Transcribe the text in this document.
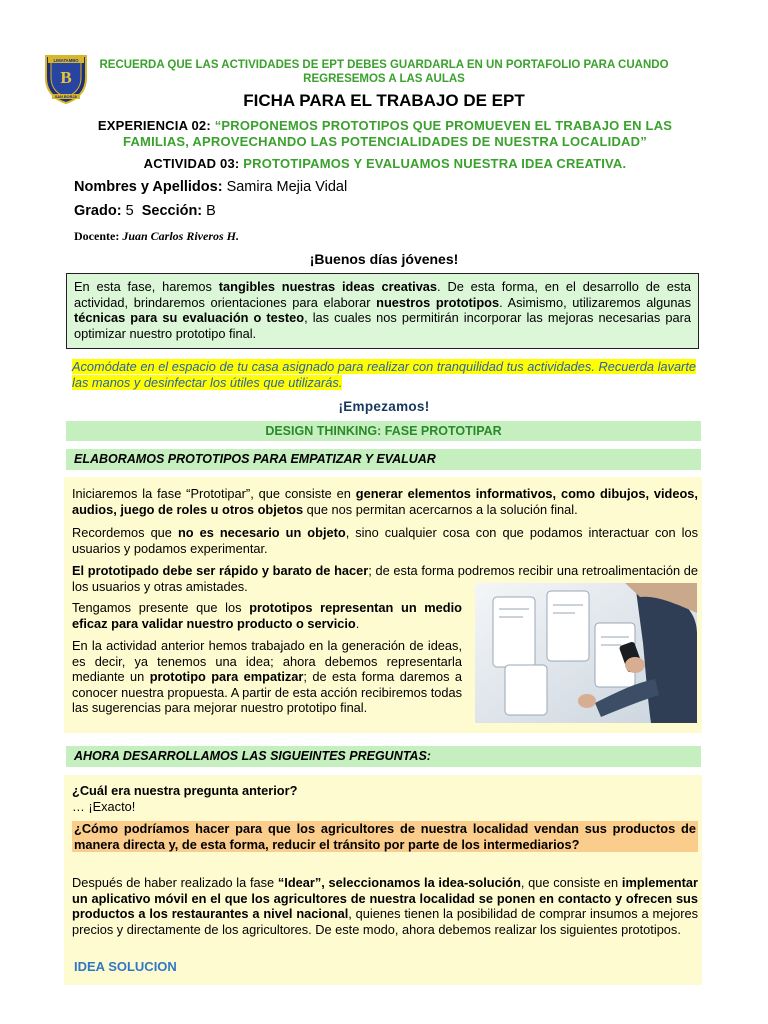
B
LIMATAMBO
SAN BORJA
RECUERDA QUE LAS ACTIVIDADES DE EPT DEBES GUARDARLA EN UN PORTAFOLIO PARA CUANDO REGRESEMOS A LAS AULAS
FICHA PARA EL TRABAJO DE EPT
EXPERIENCIA 02: “PROPONEMOS PROTOTIPOS QUE PROMUEVEN EL TRABAJO EN LAS FAMILIAS, APROVECHANDO LAS POTENCIALIDADES DE NUESTRA LOCALIDAD”
ACTIVIDAD 03: PROTOTIPAMOS Y EVALUAMOS NUESTRA IDEA CREATIVA.
Nombres y Apellidos: Samira Mejia Vidal
Grado: 5 Sección: B
Docente: Juan Carlos Riveros H.
¡Buenos días jóvenes!
En esta fase, haremos tangibles nuestras ideas creativas. De esta forma, en el desarrollo de esta actividad, brindaremos orientaciones para elaborar nuestros prototipos. Asimismo, utilizaremos algunas técnicas para su evaluación o testeo, las cuales nos permitirán incorporar las mejoras necesarias para optimizar nuestro prototipo final.
Acomódate en el espacio de tu casa asignado para realizar con tranquilidad tus actividades. Recuerda lavarte las manos y desinfectar los útiles que utilizarás.
¡Empezamos!
DESIGN THINKING: FASE PROTOTIPAR
ELABORAMOS PROTOTIPOS PARA EMPATIZAR Y EVALUAR
Iniciaremos la fase “Prototipar”, que consiste en generar elementos informativos, como dibujos, videos, audios, juego de roles u otros objetos que nos permitan acercarnos a la solución final.
Recordemos que no es necesario un objeto, sino cualquier cosa con que podamos interactuar con los usuarios y podamos experimentar.
El prototipado debe ser rápido y barato de hacer; de esta forma podremos recibir una retroalimentación de los usuarios y otras amistades.
Tengamos presente que los prototipos representan un medio eficaz para validar nuestro producto o servicio.
En la actividad anterior hemos trabajado en la generación de ideas, es decir, ya tenemos una idea; ahora debemos representarla mediante un prototipo para empatizar; de esta forma daremos a conocer nuestra propuesta. A partir de esta acción recibiremos todas las sugerencias para mejorar nuestro prototipo final.
AHORA DESARROLLAMOS LAS SIGUEINTES PREGUNTAS:
¿Cuál era nuestra pregunta anterior?
… ¡Exacto!
Después de haber realizado la fase “Idear”, seleccionamos la idea-solución, que consiste en implementar un aplicativo móvil en el que los agricultores de nuestra localidad se ponen en contacto y ofrecen sus productos a los restaurantes a nivel nacional, quienes tienen la posibilidad de comprar insumos a mejores precios y directamente de los agricultores. De este modo, ahora debemos realizar los siguientes prototipos.
¿Cómo podríamos hacer para que los agricultores de nuestra localidad vendan sus productos de manera directa y, de esta forma, reducir el tránsito por parte de los intermediarios?
IDEA SOLUCION
